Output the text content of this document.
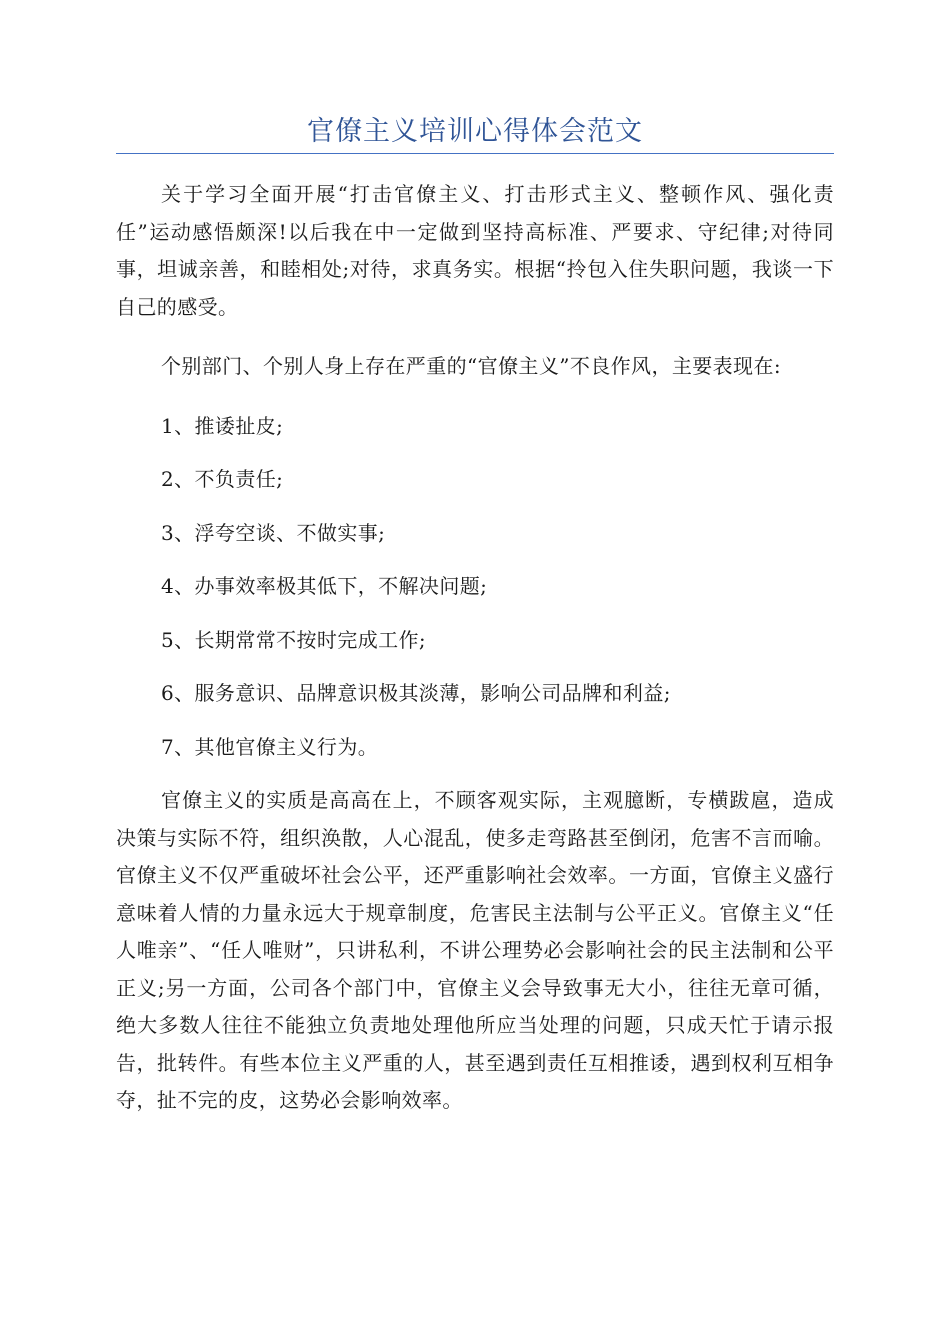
官僚主义培训心得体会范文

关于学习全面开展“打击官僚主义、打击形式主义、整顿作风、强化责任”运动感悟颇深!以后我在中一定做到坚持高标准、严要求、守纪律;对待同事，坦诚亲善，和睦相处;对待，求真务实。根据“拎包入住失职问题，我谈一下自己的感受。

个别部门、个别人身上存在严重的“官僚主义”不良作风，主要表现在:

1、推诿扯皮;

2、不负责任;

3、浮夸空谈、不做实事;

4、办事效率极其低下，不解决问题;

5、长期常常不按时完成工作;

6、服务意识、品牌意识极其淡薄，影响公司品牌和利益;

7、其他官僚主义行为。

官僚主义的实质是高高在上，不顾客观实际，主观臆断，专横跋扈，造成决策与实际不符，组织涣散，人心混乱，使多走弯路甚至倒闭，危害不言而喻。官僚主义不仅严重破坏社会公平，还严重影响社会效率。一方面，官僚主义盛行意味着人情的力量永远大于规章制度，危害民主法制与公平正义。官僚主义“任人唯亲”、“任人唯财”，只讲私利，不讲公理势必会影响社会的民主法制和公平正义;另一方面，公司各个部门中，官僚主义会导致事无大小，往往无章可循，绝大多数人往往不能独立负责地处理他所应当处理的问题，只成天忙于请示报告，批转件。有些本位主义严重的人，甚至遇到责任互相推诿，遇到权利互相争夺，扯不完的皮，这势必会影响效率。
